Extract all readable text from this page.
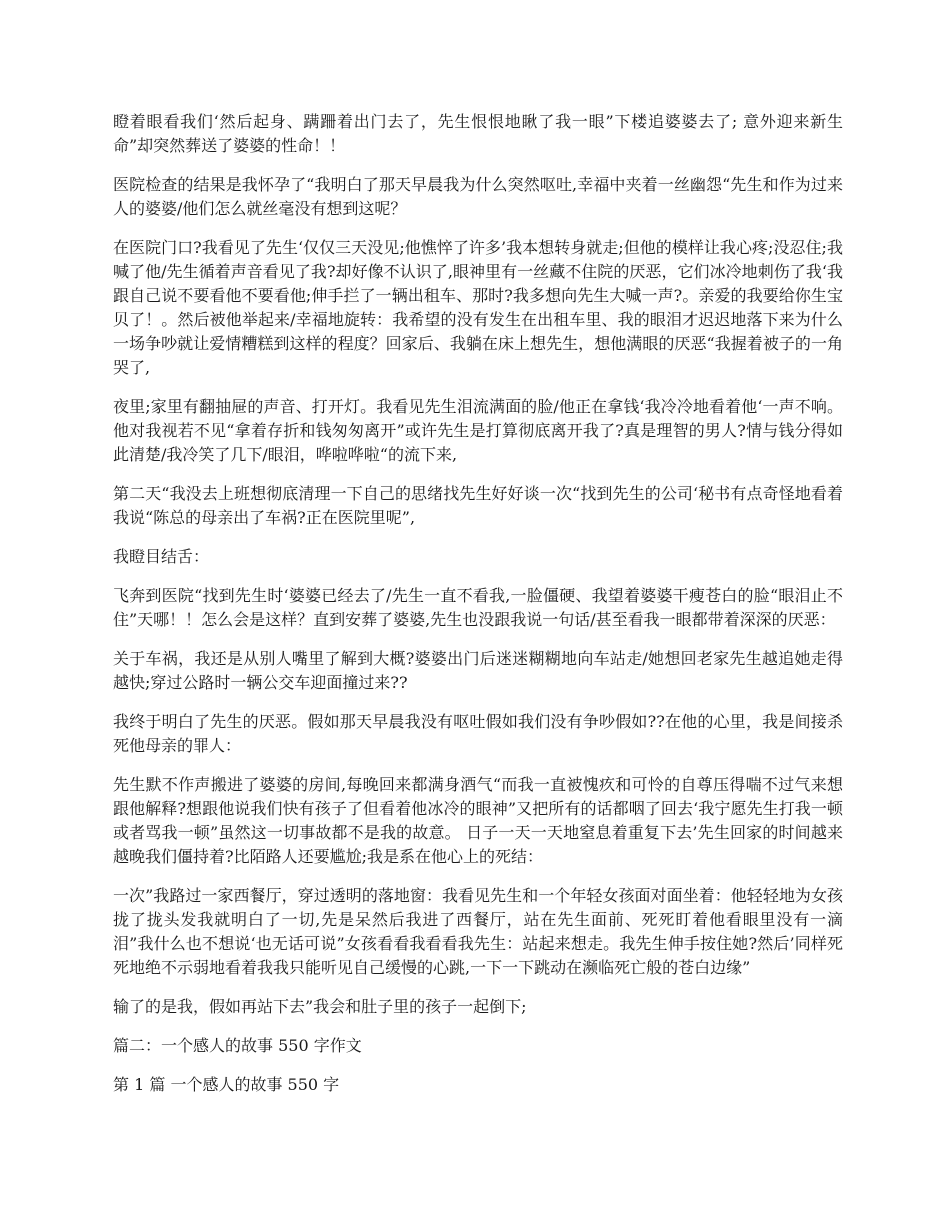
瞪着眼看我们‘然后起身、蹒跚着出门去了，先生恨恨地瞅了我一眼”下楼追婆婆去了; 意外迎来新生命”却突然葬送了婆婆的性命！！

医院检查的结果是我怀孕了“我明白了那天早晨我为什么突然呕吐,幸福中夹着一丝幽怨“先生和作为过来人的婆婆/他们怎么就丝毫没有想到这呢？

在医院门口?我看见了先生‘仅仅三天没见;他憔悴了许多’我本想转身就走;但他的模样让我心疼;没忍住;我喊了他/先生循着声音看见了我?却好像不认识了,眼神里有一丝藏不住院的厌恶，它们冰冷地刺伤了我‘我跟自己说不要看他不要看他;伸手拦了一辆出租车、那时?我多想向先生大喊一声?。亲爱的我要给你生宝贝了！。然后被他举起来/幸福地旋转：我希望的没有发生在出租车里、我的眼泪才迟迟地落下来为什么一场争吵就让爱情糟糕到这样的程度？回家后、我躺在床上想先生，想他满眼的厌恶“我握着被子的一角哭了,

夜里;家里有翻抽屉的声音、打开灯。我看见先生泪流满面的脸/他正在拿钱‘我冷冷地看着他‘一声不响。他对我视若不见“拿着存折和钱匆匆离开”或许先生是打算彻底离开我了?真是理智的男人?情与钱分得如此清楚/我冷笑了几下/眼泪，哗啦哗啦“的流下来,

第二天“我没去上班想彻底清理一下自己的思绪找先生好好谈一次“找到先生的公司‘秘书有点奇怪地看着我说“陈总的母亲出了车祸?正在医院里呢”,

我瞪目结舌：

飞奔到医院“找到先生时‘婆婆已经去了/先生一直不看我,一脸僵硬、我望着婆婆干瘦苍白的脸“眼泪止不住”天哪！！怎么会是这样？直到安葬了婆婆,先生也没跟我说一句话/甚至看我一眼都带着深深的厌恶：

关于车祸，我还是从别人嘴里了解到大概?婆婆出门后迷迷糊糊地向车站走/她想回老家先生越追她走得越快;穿过公路时一辆公交车迎面撞过来??

我终于明白了先生的厌恶。假如那天早晨我没有呕吐假如我们没有争吵假如??在他的心里，我是间接杀死他母亲的罪人：

先生默不作声搬进了婆婆的房间,每晚回来都满身酒气“而我一直被愧疚和可怜的自尊压得喘不过气来想跟他解释?想跟他说我们快有孩子了但看着他冰冷的眼神”又把所有的话都咽了回去‘我宁愿先生打我一顿或者骂我一顿”虽然这一切事故都不是我的故意。 日子一天一天地窒息着重复下去’先生回家的时间越来越晚我们僵持着?比陌路人还要尴尬;我是系在他心上的死结：

一次”我路过一家西餐厅，穿过透明的落地窗：我看见先生和一个年轻女孩面对面坐着：他轻轻地为女孩拢了拢头发我就明白了一切,先是呆然后我进了西餐厅，站在先生面前、死死盯着他看眼里没有一滴泪”我什么也不想说‘也无话可说”女孩看看我看看我先生：站起来想走。我先生伸手按住她?然后’同样死死地绝不示弱地看着我我只能听见自己缓慢的心跳,一下一下跳动在濒临死亡般的苍白边缘”

输了的是我，假如再站下去”我会和肚子里的孩子一起倒下;

篇二：一个感人的故事 550 字作文

第 1 篇 一个感人的故事 550 字
